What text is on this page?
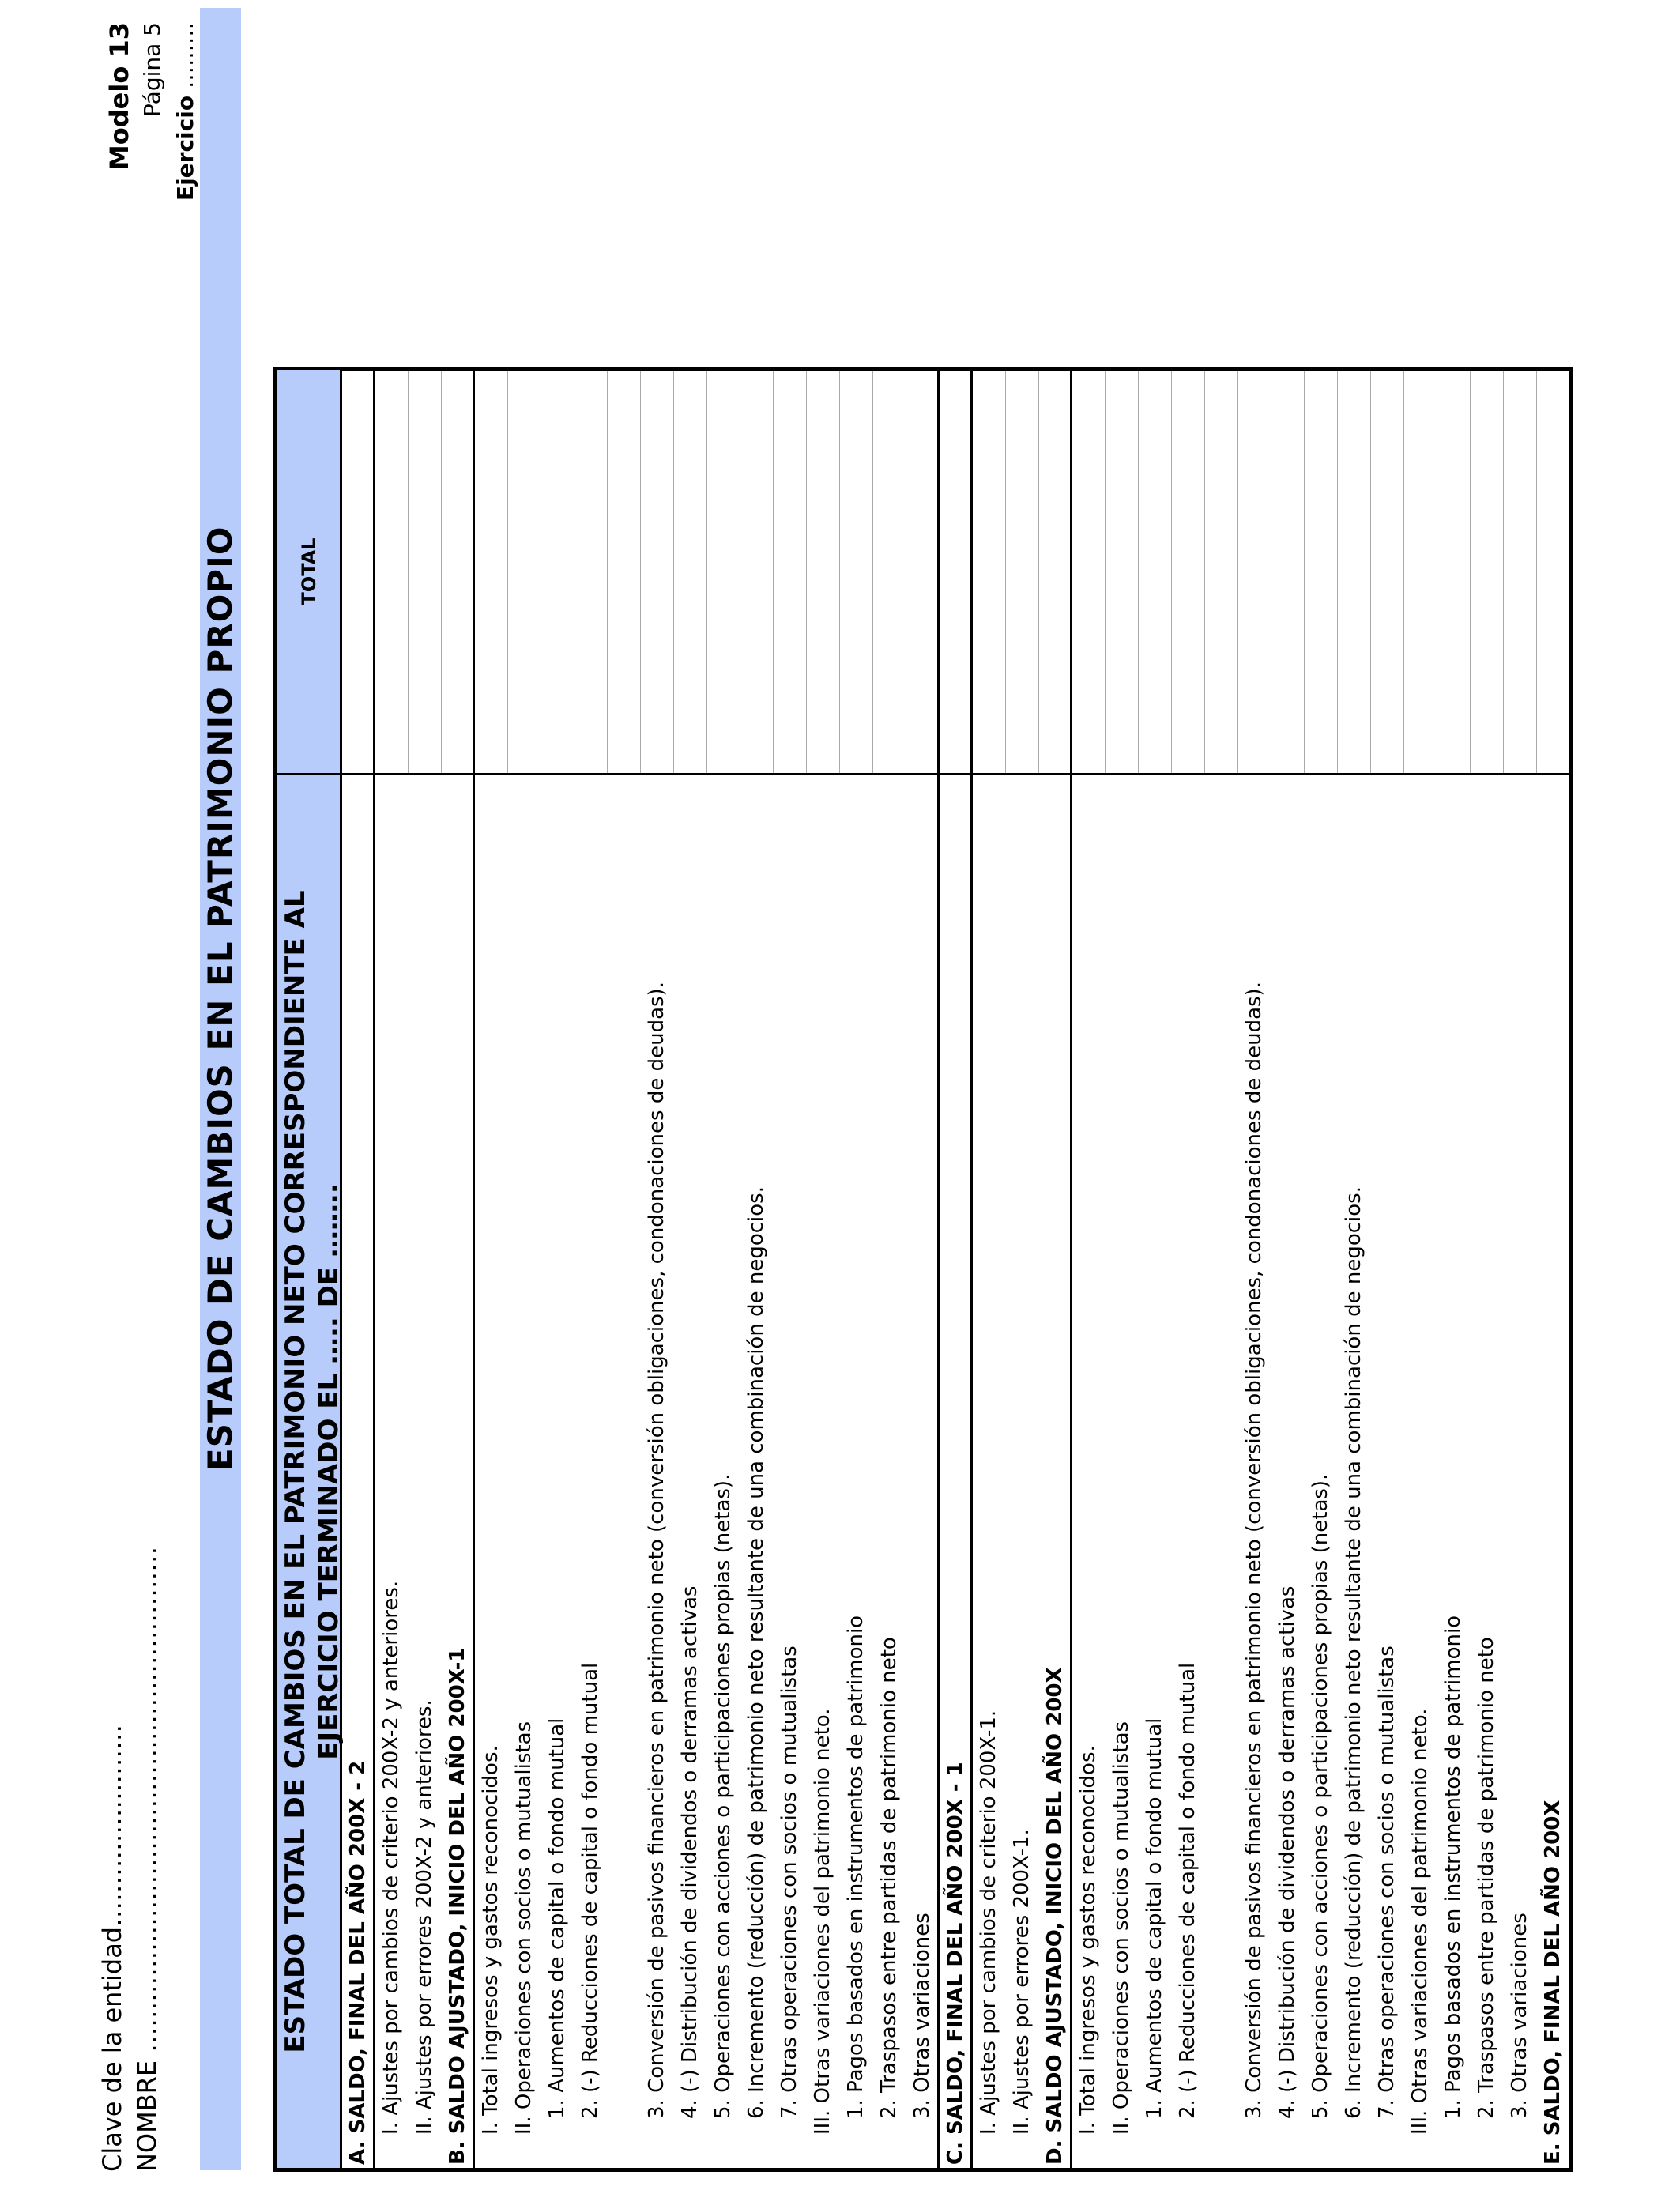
Clave de la entidad…………………… NOMBRE ……………………………………………………
Modelo 13 Página 5
Ejercicio ………
ESTADO DE CAMBIOS EN EL PATRIMONIO PROPIO ESTADO TOTAL DE CAMBIOS EN EL PATRIMONIO NETO CORRESPONDIENTE AL EJERCICIO TERMINADO EL ….. DE ……..
TOTAL
A. SALDO, FINAL DEL AÑO 200X - 2 I. Ajustes por cambios de criterio 200X-2 y anteriores. II. Ajustes por errores 200X-2 y anteriores. B. SALDO AJUSTADO, INICIO DEL AÑO 200X-1 I. Total ingresos y gastos reconocidos. II. Operaciones con socios o mutualistas 1. Aumentos de capital o fondo mutual 2. (-) Reducciones de capital o fondo mutual 3. Conversión de pasivos financieros en patrimonio neto (conversión obligaciones, condonaciones de deudas). 4. (-) Distribución de dividendos o derramas activas 5. Operaciones con acciones o participaciones propias (netas). 6. Incremento (reducción) de patrimonio neto resultante de una combinación de negocios. 7. Otras operaciones con socios o mutualistas III. Otras variaciones del patrimonio neto. 1. Pagos basados en instrumentos de patrimonio 2. Traspasos entre partidas de patrimonio neto 3. Otras variaciones C. SALDO, FINAL DEL AÑO 200X - 1 I. Ajustes por cambios de criterio 200X-1. II. Ajustes por errores 200X-1. D. SALDO AJUSTADO, INICIO DEL AÑO 200X I. Total ingresos y gastos reconocidos. II. Operaciones con socios o mutualistas 1. Aumentos de capital o fondo mutual 2. (-) Reducciones de capital o fondo mutual 3. Conversión de pasivos financieros en patrimonio neto (conversión obligaciones, condonaciones de deudas). 4. (-) Distribución de dividendos o derramas activas 5. Operaciones con acciones o participaciones propias (netas). 6. Incremento (reducción) de patrimonio neto resultante de una combinación de negocios. 7. Otras operaciones con socios o mutualistas III. Otras variaciones del patrimonio neto. 1. Pagos basados en instrumentos de patrimonio 2. Traspasos entre partidas de patrimonio neto 3. Otras variaciones E. SALDO, FINAL DEL AÑO 200X
